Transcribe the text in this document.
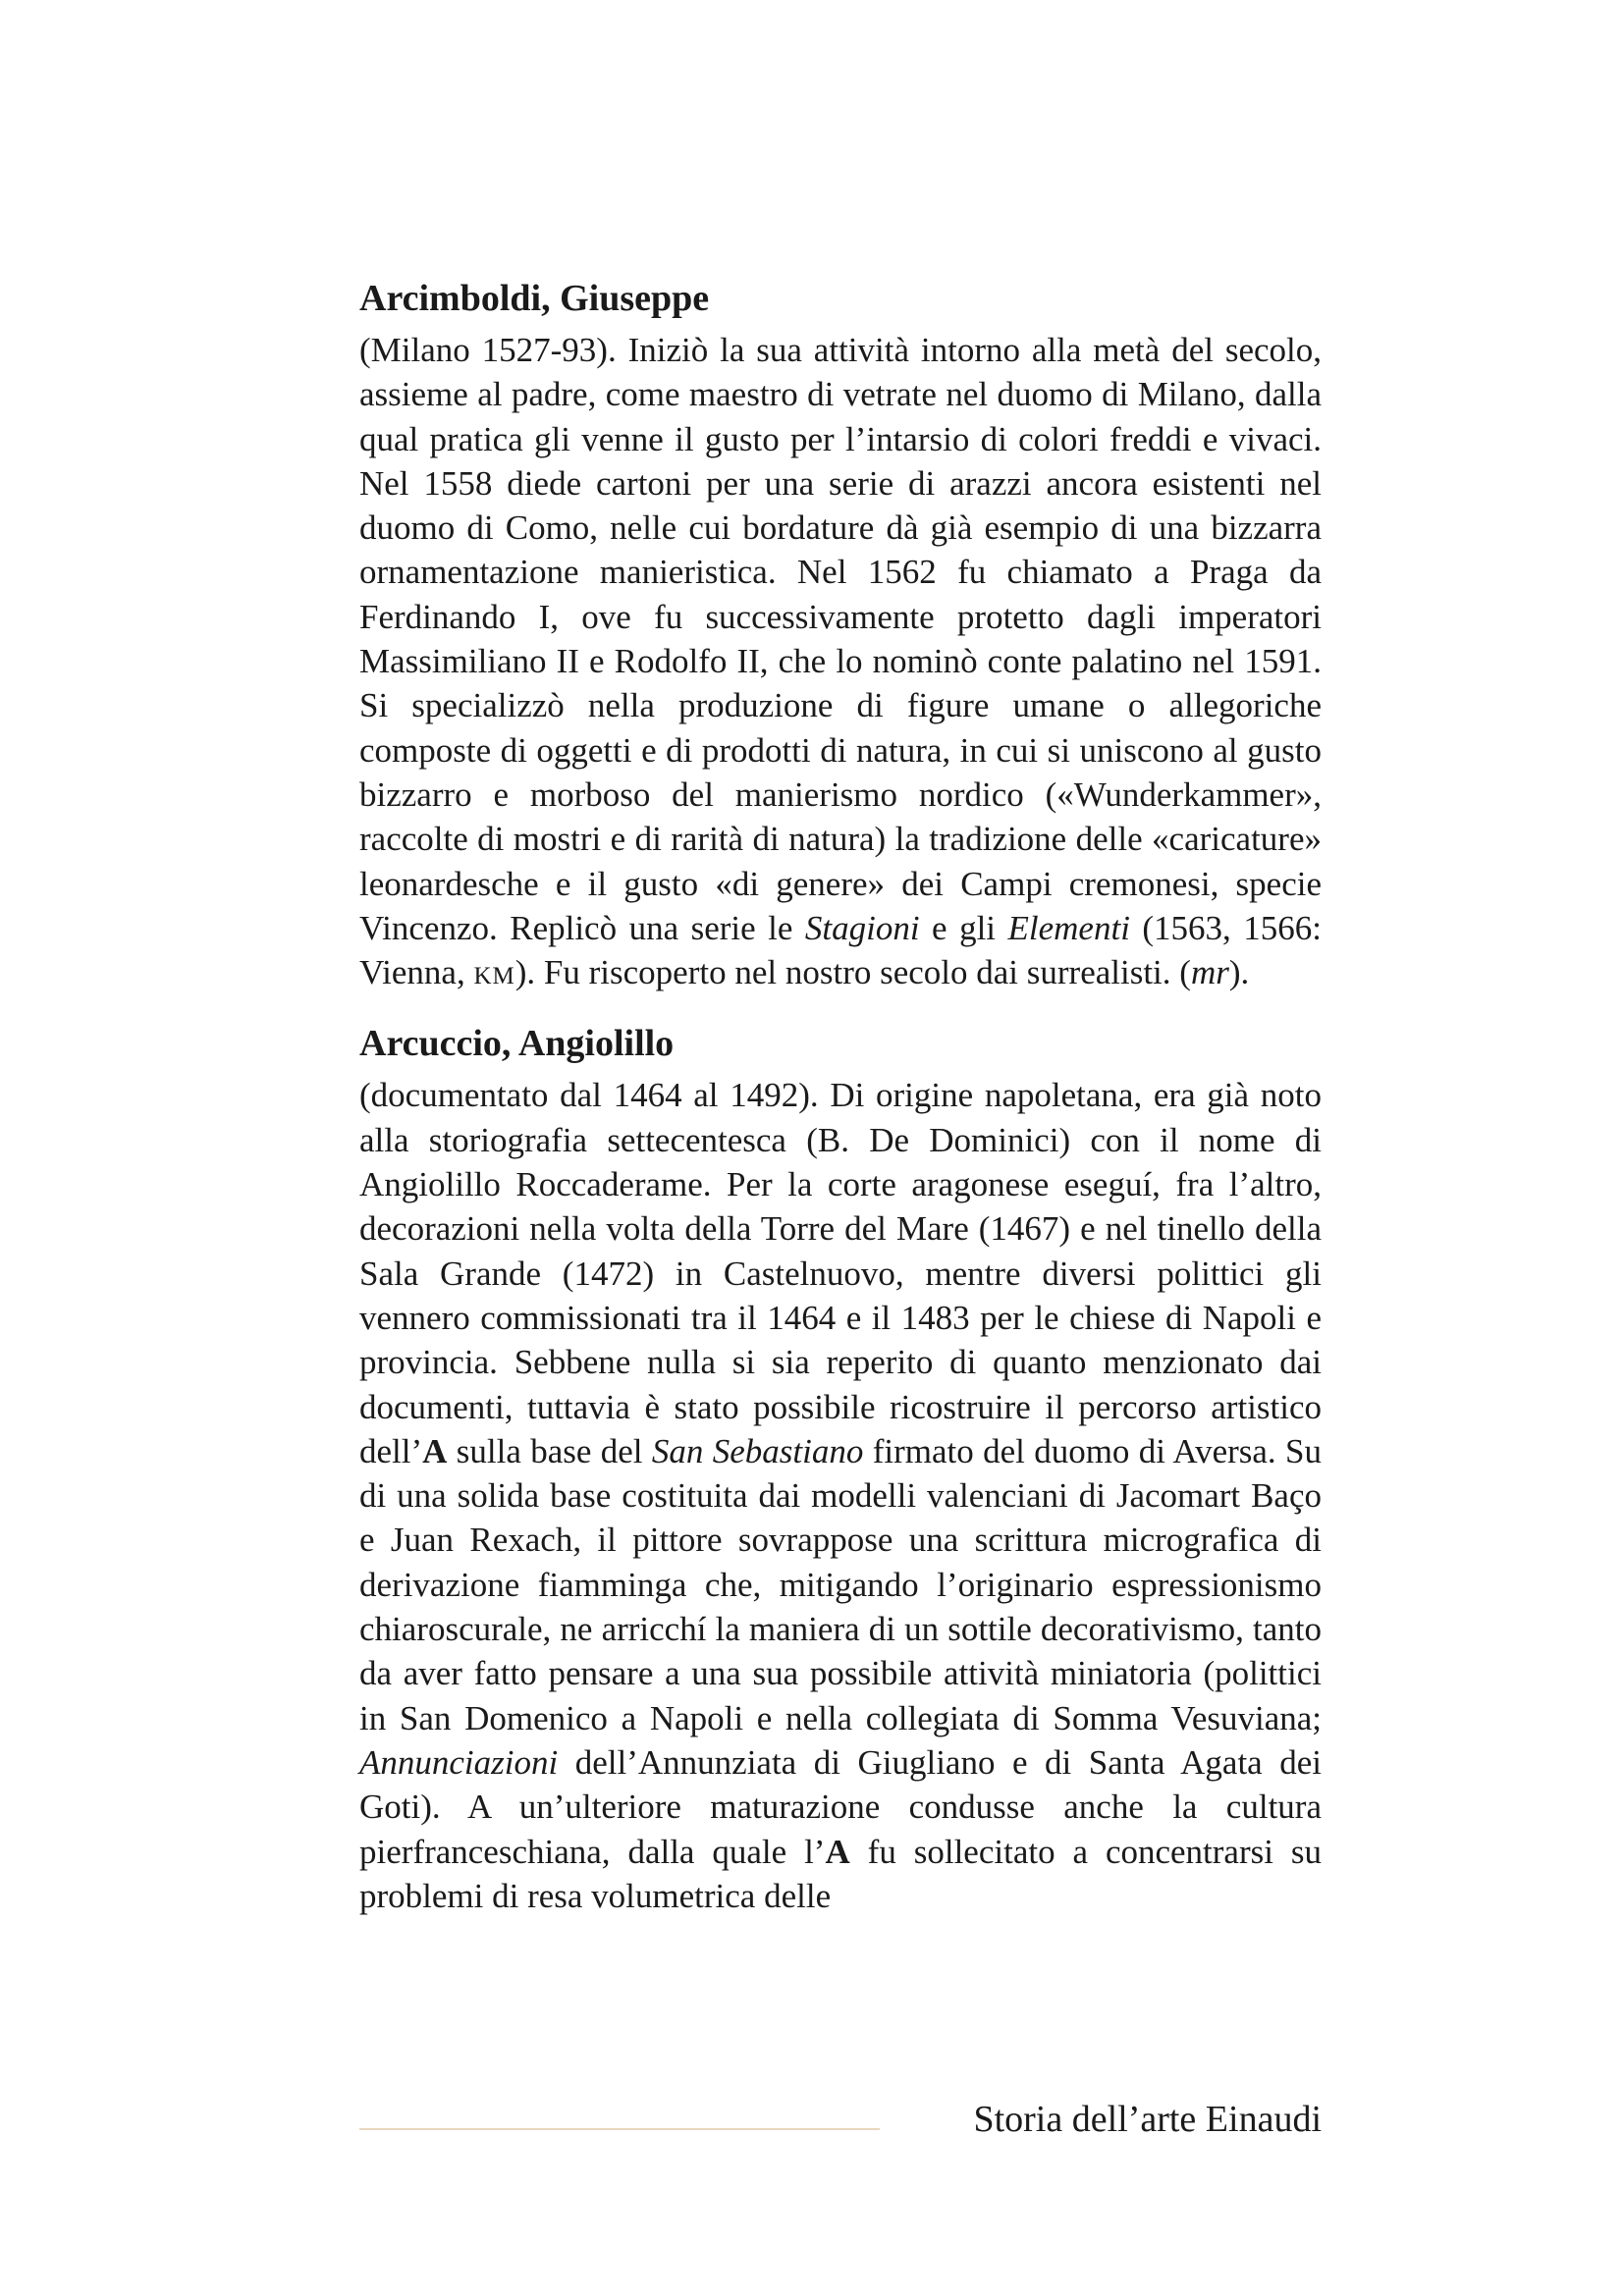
Arcimboldi, Giuseppe

(Milano 1527-93). Iniziò la sua attività intorno alla metà del secolo, assieme al padre, come maestro di vetrate nel duomo di Milano, dalla qual pratica gli venne il gusto per l’intarsio di colori freddi e vivaci. Nel 1558 diede cartoni per una serie di arazzi ancora esistenti nel duomo di Como, nelle cui bordature dà già esempio di una bizzarra ornamentazione manieristica. Nel 1562 fu chiamato a Praga da Ferdinando I, ove fu successivamente protetto dagli imperatori Massimiliano II e Rodolfo II, che lo nominò conte palatino nel 1591. Si specializzò nella produzione di figure umane o allegoriche composte di oggetti e di prodotti di natura, in cui si uniscono al gusto bizzarro e morboso del manierismo nordico («Wunderkammer», raccolte di mostri e di rarità di natura) la tradizione delle «caricature» leonardesche e il gusto «di genere» dei Campi cremonesi, specie Vincenzo. Replicò una serie le Stagioni e gli Elementi (1563, 1566: Vienna, km). Fu riscoperto nel nostro secolo dai surrealisti. (mr).

Arcuccio, Angiolillo

(documentato dal 1464 al 1492). Di origine napoletana, era già noto alla storiografia settecentesca (B. De Dominici) con il nome di Angiolillo Roccaderame. Per la corte aragonese eseguí, fra l’altro, decorazioni nella volta della Torre del Mare (1467) e nel tinello della Sala Grande (1472) in Castelnuovo, mentre diversi polittici gli vennero commissionati tra il 1464 e il 1483 per le chiese di Napoli e provincia. Sebbene nulla si sia reperito di quanto menzionato dai documenti, tuttavia è stato possibile ricostruire il percorso artistico dell’A sulla base del San Sebastiano firmato del duomo di Aversa. Su di una solida base costituita dai modelli valenciani di Jacomart Baço e Juan Rexach, il pittore sovrappose una scrittura micrografica di derivazione fiamminga che, mitigando l’originario espressionismo chiaroscurale, ne arricchí la maniera di un sottile decorativismo, tanto da aver fatto pensare a una sua possibile attività miniatoria (polittici in San Domenico a Napoli e nella collegiata di Somma Vesuviana; Annunciazioni dell’Annunziata di Giugliano e di Santa Agata dei Goti). A un’ulteriore maturazione condusse anche la cultura pierfranceschiana, dalla quale l’A fu sollecitato a concentrarsi su problemi di resa volumetrica delle

Storia dell’arte Einaudi
